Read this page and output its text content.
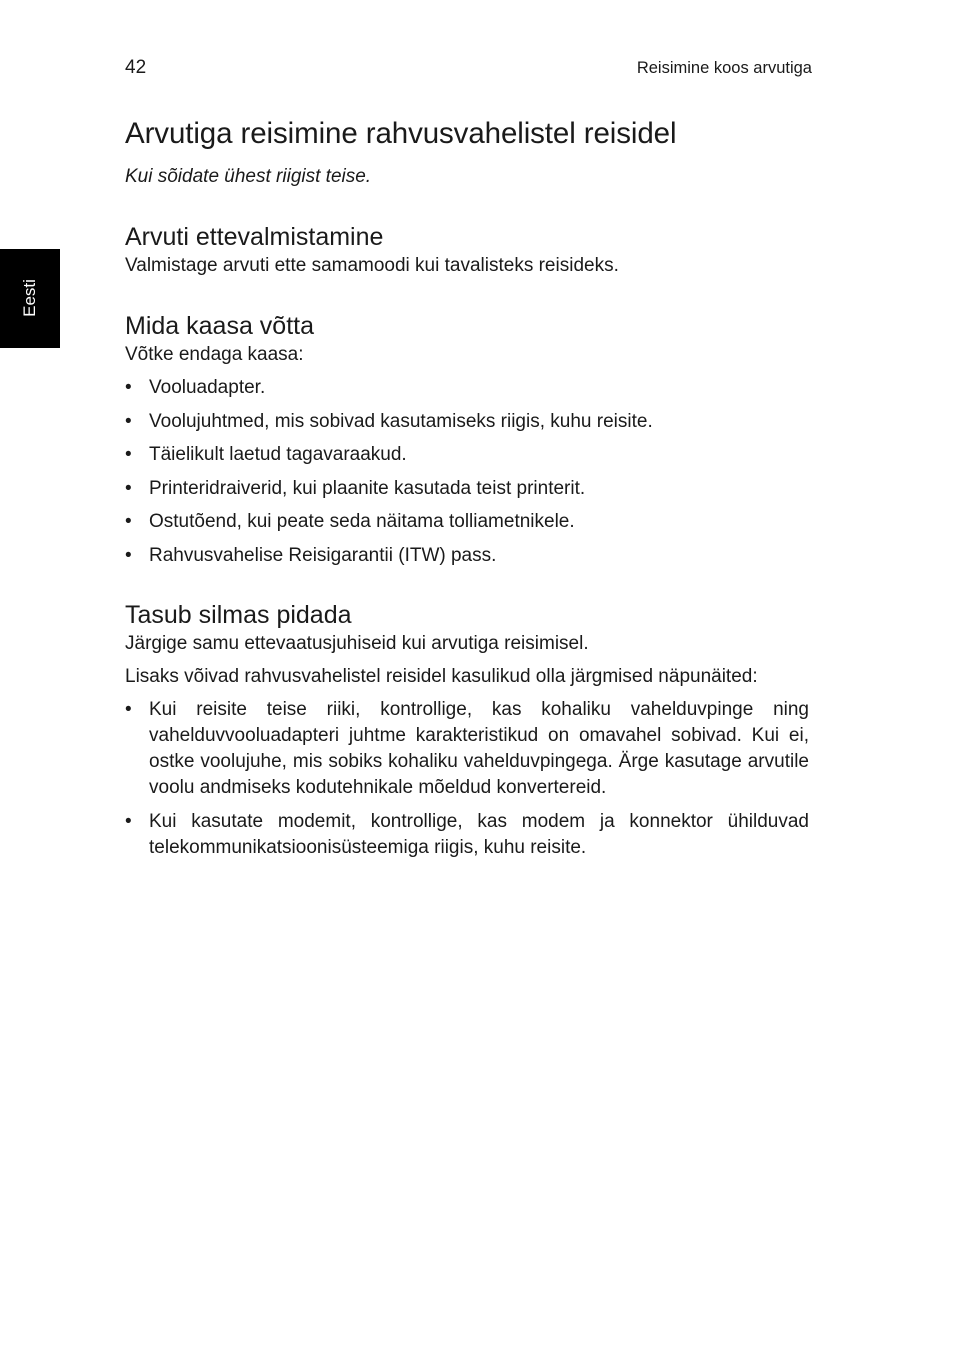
42	Reisimine koos arvutiga
Eesti
Arvutiga reisimine rahvusvahelistel reisidel

Kui sõidate ühest riigist teise.

Arvuti ettevalmistamine

Valmistage arvuti ette samamoodi kui tavalisteks reisideks.

Mida kaasa võtta

Võtke endaga kaasa:

• Vooluadapter.
• Voolujuhtmed, mis sobivad kasutamiseks riigis, kuhu reisite.
• Täielikult laetud tagavaraakud.
• Printeridraiverid, kui plaanite kasutada teist printerit.
• Ostutõend, kui peate seda näitama tolliametnikele.
• Rahvusvahelise Reisigarantii (ITW) pass.
Tasub silmas pidada

Järgige samu ettevaatusjuhiseid kui arvutiga reisimisel.

Lisaks võivad rahvusvahelistel reisidel kasulikud olla järgmised näpunäited:

• Kui reisite teise riiki, kontrollige, kas kohaliku vahelduvpinge ning vahelduvvooluadapteri juhtme karakteristikud on omavahel sobivad. Kui ei, ostke voolujuhe, mis sobiks kohaliku vahelduvpingega. Ärge kasutage arvutile voolu andmiseks kodutehnikale mõeldud konvertereid.
• Kui kasutate modemit, kontrollige, kas modem ja konnektor ühilduvad telekommunikatsioonisüsteemiga riigis, kuhu reisite.
